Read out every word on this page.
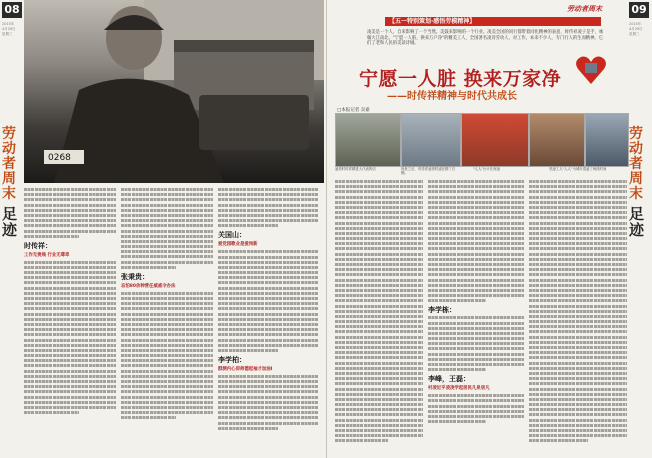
08
2015年
4月29日
星期三
劳动者周末
足迹
0268
时传祥：
工作无贵贱 行业无尊卑
张秉贵：
忘怕80余种营任威威令办法
关国山：
爱党园歌业是爱岗新
李学柏：
群测内心仰师德起袖才加油Ⅰ
劳动者周末	09
2015年
4月29日
星期三
劳动者周末
足迹
【五一特别策划·感悟劳模精神】
凌美是一个人，自来影响了一个当然。美鼓来影响的一个行业。凌美全国的同行都带着同化精神的表意，时传祥凌子是手，咏翰大江南北。"宁愿一人脏，换来万户净"的精美工人，全国著名凌诗劳动人，对工作，本来不少人，专门行人的生而精神。它们了老和人民的美读诗城。
宁愿一人脏 换来万家净
——时传祥精神与时代共成长
□本报记者 卖嘉
凌美时传祥精进人代表的话	现世之后，时传祥凌者时凌在精了石钢。
"人人"台计在深凌	坚凌工人"人人"为城市清凌了两段时间
李学栋：
李峰，王磊：
村凌近乎凌凌学起居民凡泉居凡
